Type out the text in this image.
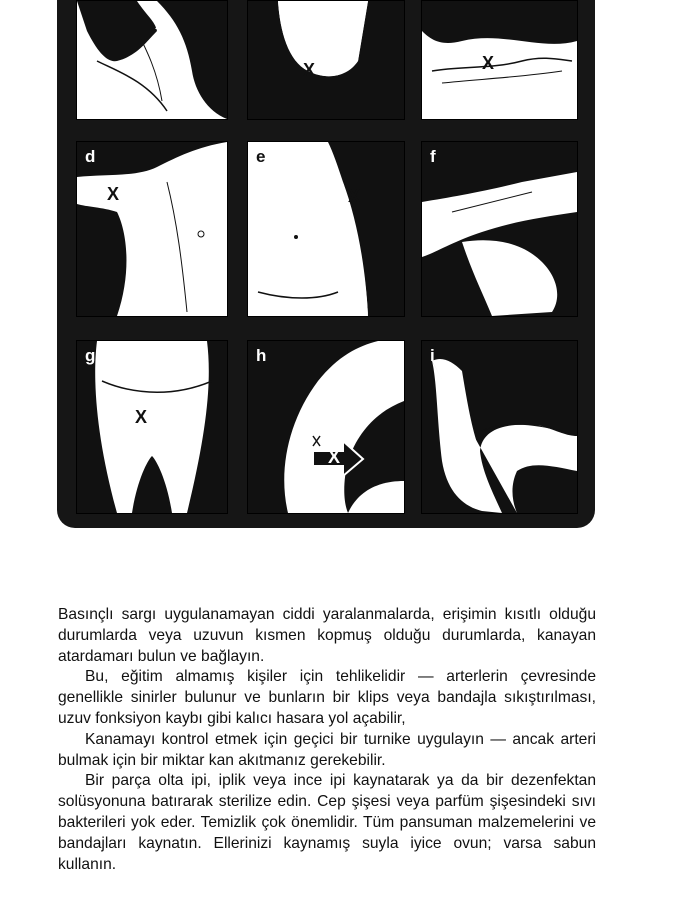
X
X	X
d
X
e
X
f
g
X
h
X
i

Basınçlı sargı uygulanamayan ciddi yaralanmalarda, erişimin kısıtlı olduğu durumlarda veya uzuvun kısmen kopmuş olduğu durumlarda, kanayan atardamarı bulun ve bağlayın.

Bu, eğitim almamış kişiler için tehlikelidir — arterlerin çevresinde genellikle sinirler bulunur ve bunların bir klips veya bandajla sıkıştırılması, uzuv fonksiyon kaybı gibi kalıcı hasara yol açabilir,

Kanamayı kontrol etmek için geçici bir turnike uygulayın — ancak arteri bulmak için bir miktar kan akıtmanız gerekebilir.

Bir parça olta ipi, iplik veya ince ipi kaynatarak ya da bir dezenfektan solüsyonuna batırarak sterilize edin. Cep şişesi veya parfüm şişesindeki sıvı bakterileri yok eder. Temizlik çok önemlidir. Tüm pansuman malzemelerini ve bandajları kaynatın. Ellerinizi kaynamış suyla iyice ovun; varsa sabun kullanın.
